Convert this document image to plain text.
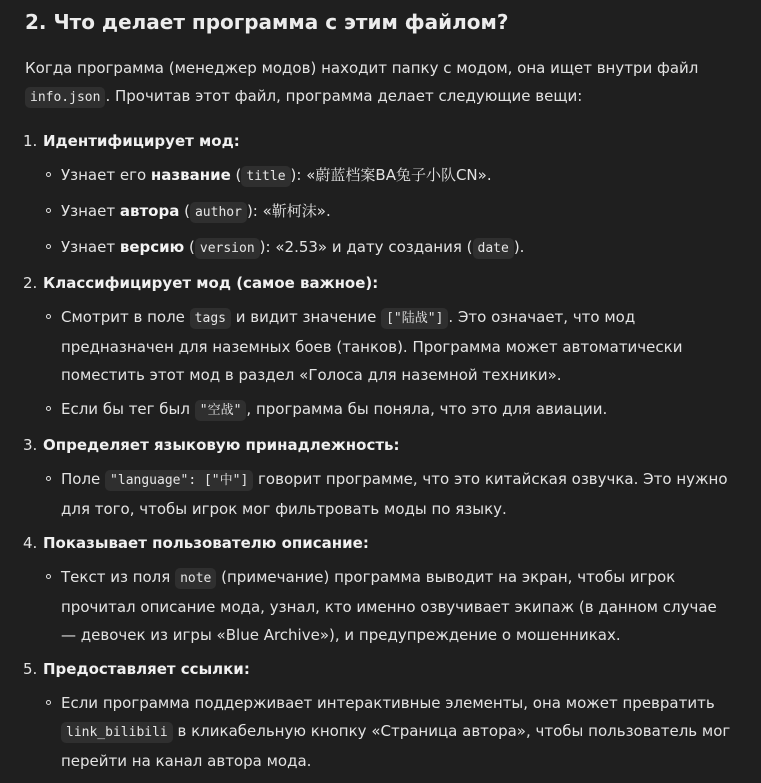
2. Что делает программа с этим файлом?

Когда программа (менеджер модов) находит папку с модом, она ищет внутри файл info.json . Прочитав этот файл, программа делает следующие вещи:

1. Идентифицирует мод:
Узнает его название ( title ): «蔚蓝档案BA兔子小队CN».
Узнает автора ( author ): «靳柯沫».
Узнает версию ( version ): «2.53» и дату создания ( date ).
2. Классифицирует мод (самое важное):
Смотрит в поле tags и видит значение ["陆战"] . Это означает, что мод предназначен для наземных боев (танков). Программа может автоматически поместить этот мод в раздел «Голоса для наземной техники».
Если бы тег был "空战" , программа бы поняла, что это для авиации.
3. Определяет языковую принадлежность:
Поле "language": ["中"] говорит программе, что это китайская озвучка. Это нужно для того, чтобы игрок мог фильтровать моды по языку.
4. Показывает пользователю описание:
Текст из поля note (примечание) программа выводит на экран, чтобы игрок прочитал описание мода, узнал, кто именно озвучивает экипаж (в данном случае — девочек из игры «Blue Archive»), и предупреждение о мошенниках.
5. Предоставляет ссылки:
Если программа поддерживает интерактивные элементы, она может превратить link_bilibili в кликабельную кнопку «Страница автора», чтобы пользователь мог перейти на канал автора мода.
